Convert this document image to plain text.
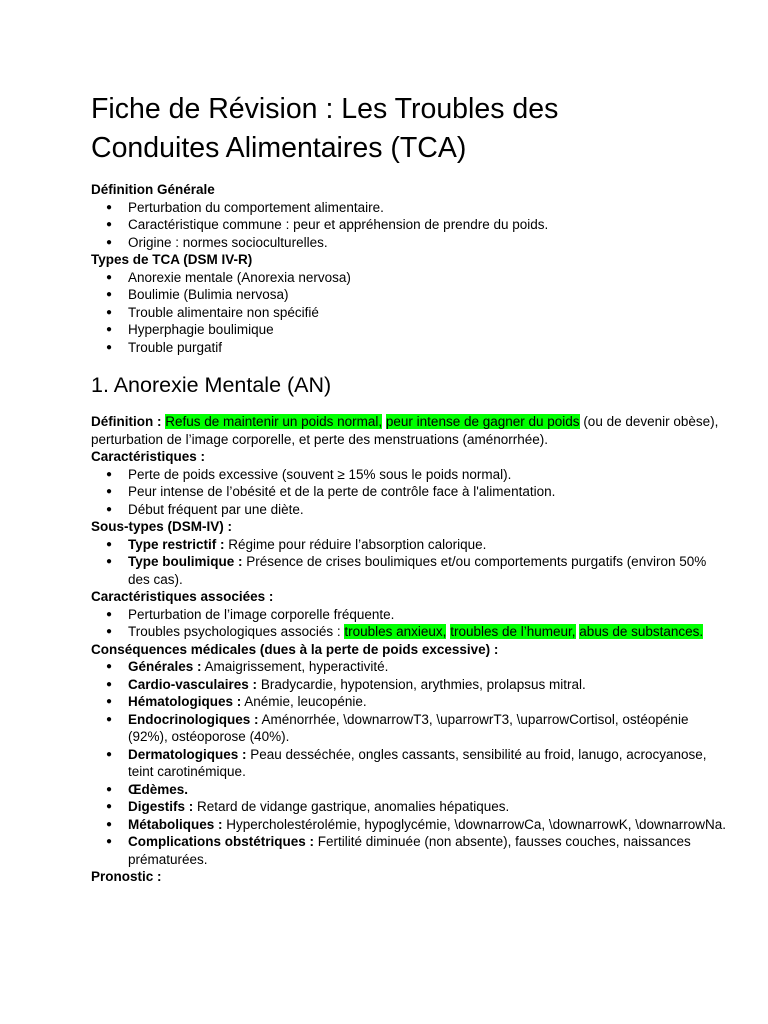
Fiche de Révision : Les Troubles des Conduites Alimentaires (TCA)

Définition Générale

● Perturbation du comportement alimentaire.
● Caractéristique commune : peur et appréhension de prendre du poids.
● Origine : normes socioculturelles.

Types de TCA (DSM IV-R)

● Anorexie mentale (Anorexia nervosa)
● Boulimie (Bulimia nervosa)
● Trouble alimentaire non spécifié
● Hyperphagie boulimique
● Trouble purgatif
1. Anorexie Mentale (AN)

Définition : Refus de maintenir un poids normal, peur intense de gagner du poids (ou de devenir obèse), perturbation de l’image corporelle, et perte des menstruations (aménorrhée).

Caractéristiques :

● Perte de poids excessive (souvent ≥ 15% sous le poids normal).
● Peur intense de l’obésité et de la perte de contrôle face à l'alimentation.
● Début fréquent par une diète.

Sous-types (DSM-IV) :

● Type restrictif : Régime pour réduire l’absorption calorique.
● Type boulimique : Présence de crises boulimiques et/ou comportements purgatifs (environ 50% des cas).

Caractéristiques associées :

● Perturbation de l’image corporelle fréquente.
● Troubles psychologiques associés : troubles anxieux, troubles de l’humeur, abus de substances.

Conséquences médicales (dues à la perte de poids excessive) :

● Générales : Amaigrissement, hyperactivité.
● Cardio-vasculaires : Bradycardie, hypotension, arythmies, prolapsus mitral.
● Hématologiques : Anémie, leucopénie.
● Endocrinologiques : Aménorrhée, \downarrowT3, \uparrowrT3, \uparrowCortisol, ostéopénie (92%), ostéoporose (40%).
● Dermatologiques : Peau desséchée, ongles cassants, sensibilité au froid, lanugo, acrocyanose, teint carotinémique.
● Œdèmes.
● Digestifs : Retard de vidange gastrique, anomalies hépatiques.
● Métaboliques : Hypercholestérolémie, hypoglycémie, \downarrowCa, \downarrowK, \downarrowNa.
● Complications obstétriques : Fertilité diminuée (non absente), fausses couches, naissances prématurées.

Pronostic :
